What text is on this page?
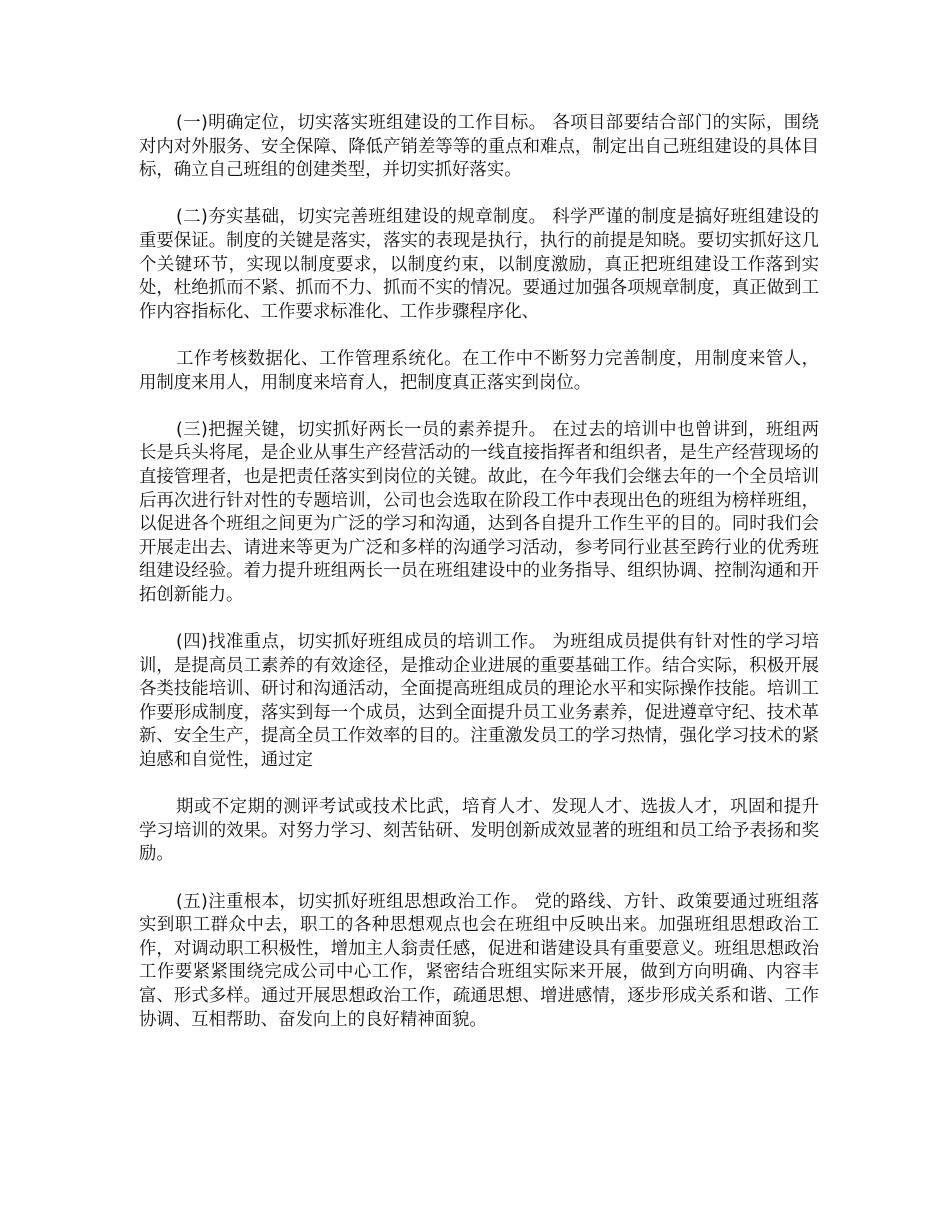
(一)明确定位，切实落实班组建设的工作目标。 各项目部要结合部门的实际，围绕对内对外服务、安全保障、降低产销差等等的重点和难点，制定出自己班组建设的具体目标，确立自己班组的创建类型，并切实抓好落实。

(二)夯实基础，切实完善班组建设的规章制度。 科学严谨的制度是搞好班组建设的重要保证。制度的关键是落实，落实的表现是执行，执行的前提是知晓。要切实抓好这几个关键环节，实现以制度要求，以制度约束，以制度激励，真正把班组建设工作落到实处，杜绝抓而不紧、抓而不力、抓而不实的情况。要通过加强各项规章制度，真正做到工作内容指标化、工作要求标准化、工作步骤程序化、

工作考核数据化、工作管理系统化。在工作中不断努力完善制度，用制度来管人，用制度来用人，用制度来培育人，把制度真正落实到岗位。

(三)把握关键，切实抓好两长一员的素养提升。 在过去的培训中也曾讲到，班组两长是兵头将尾，是企业从事生产经营活动的一线直接指挥者和组织者，是生产经营现场的直接管理者，也是把责任落实到岗位的关键。故此，在今年我们会继去年的一个全员培训后再次进行针对性的专题培训，公司也会选取在阶段工作中表现出色的班组为榜样班组，以促进各个班组之间更为广泛的学习和沟通，达到各自提升工作生平的目的。同时我们会开展走出去、请进来等更为广泛和多样的沟通学习活动，参考同行业甚至跨行业的优秀班组建设经验。着力提升班组两长一员在班组建设中的业务指导、组织协调、控制沟通和开拓创新能力。

(四)找准重点，切实抓好班组成员的培训工作。 为班组成员提供有针对性的学习培训，是提高员工素养的有效途径，是推动企业进展的重要基础工作。结合实际，积极开展各类技能培训、研讨和沟通活动，全面提高班组成员的理论水平和实际操作技能。培训工作要形成制度，落实到每一个成员，达到全面提升员工业务素养，促进遵章守纪、技术革新、安全生产，提高全员工作效率的目的。注重激发员工的学习热情，强化学习技术的紧迫感和自觉性，通过定

期或不定期的测评考试或技术比武，培育人才、发现人才、选拔人才，巩固和提升学习培训的效果。对努力学习、刻苦钻研、发明创新成效显著的班组和员工给予表扬和奖励。

(五)注重根本，切实抓好班组思想政治工作。 党的路线、方针、政策要通过班组落实到职工群众中去，职工的各种思想观点也会在班组中反映出来。加强班组思想政治工作，对调动职工积极性，增加主人翁责任感，促进和谐建设具有重要意义。班组思想政治工作要紧紧围绕完成公司中心工作，紧密结合班组实际来开展，做到方向明确、内容丰富、形式多样。通过开展思想政治工作，疏通思想、增进感情，逐步形成关系和谐、工作协调、互相帮助、奋发向上的良好精神面貌。
